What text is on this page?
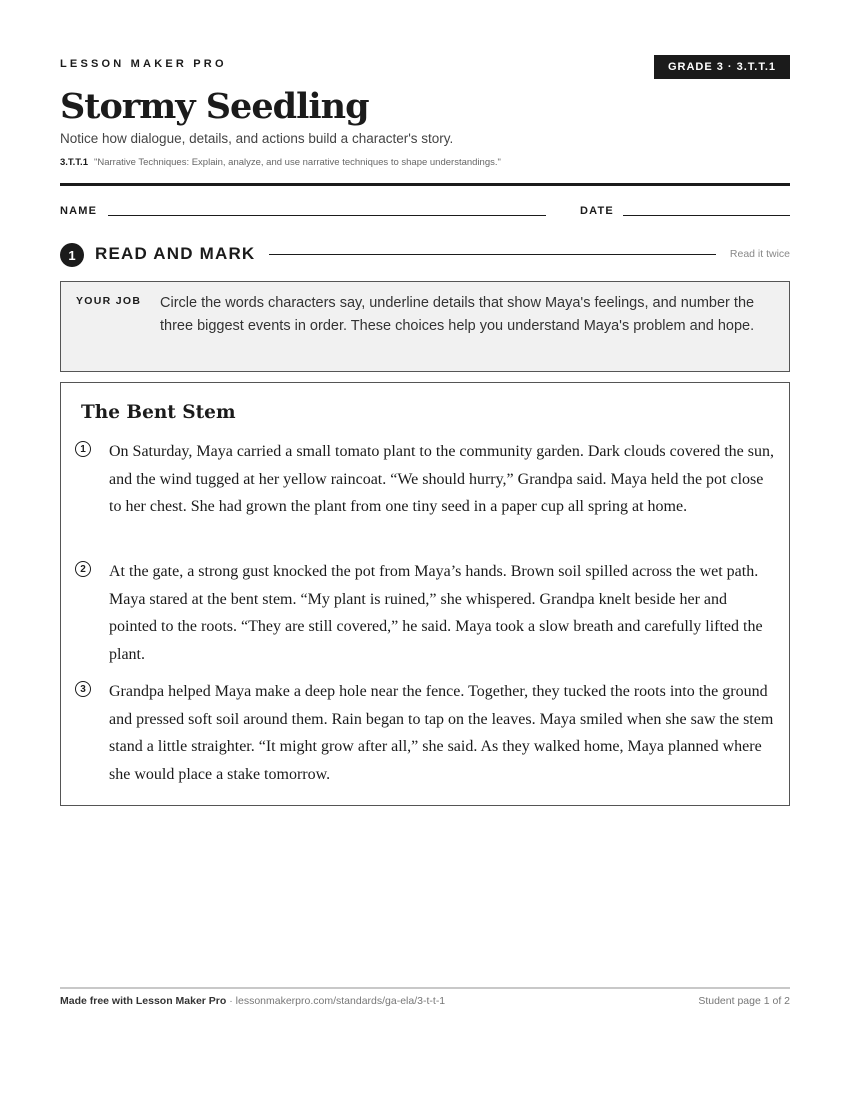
LESSON MAKER PRO	GRADE 3 · 3.T.T.1
Stormy Seedling
Notice how dialogue, details, and actions build a character's story.
3.T.T.1 "Narrative Techniques: Explain, analyze, and use narrative techniques to shape understandings."
NAME	DATE
1	READ AND MARK	Read it twice
YOUR JOB Circle the words characters say, underline details that show Maya's feelings, and number the three biggest events in order. These choices help you understand Maya's problem and hope.
The Bent Stem
1	On Saturday, Maya carried a small tomato plant to the community garden. Dark clouds covered the sun, and the wind tugged at her yellow raincoat. “We should hurry,” Grandpa said. Maya held the pot close to her chest. She had grown the plant from one tiny seed in a paper cup all spring at home.
2	At the gate, a strong gust knocked the pot from Maya’s hands. Brown soil spilled across the wet path. Maya stared at the bent stem. “My plant is ruined,” she whispered. Grandpa knelt beside her and pointed to the roots. “They are still covered,” he said. Maya took a slow breath and carefully lifted the plant.
3	Grandpa helped Maya make a deep hole near the fence. Together, they tucked the roots into the ground and pressed soft soil around them. Rain began to tap on the leaves. Maya smiled when she saw the stem stand a little straighter. “It might grow after all,” she said. As they walked home, Maya planned where she would place a stake tomorrow.
Made free with Lesson Maker Pro · lessonmakerpro.com/standards/ga-ela/3-t-t-1	Student page 1 of 2
